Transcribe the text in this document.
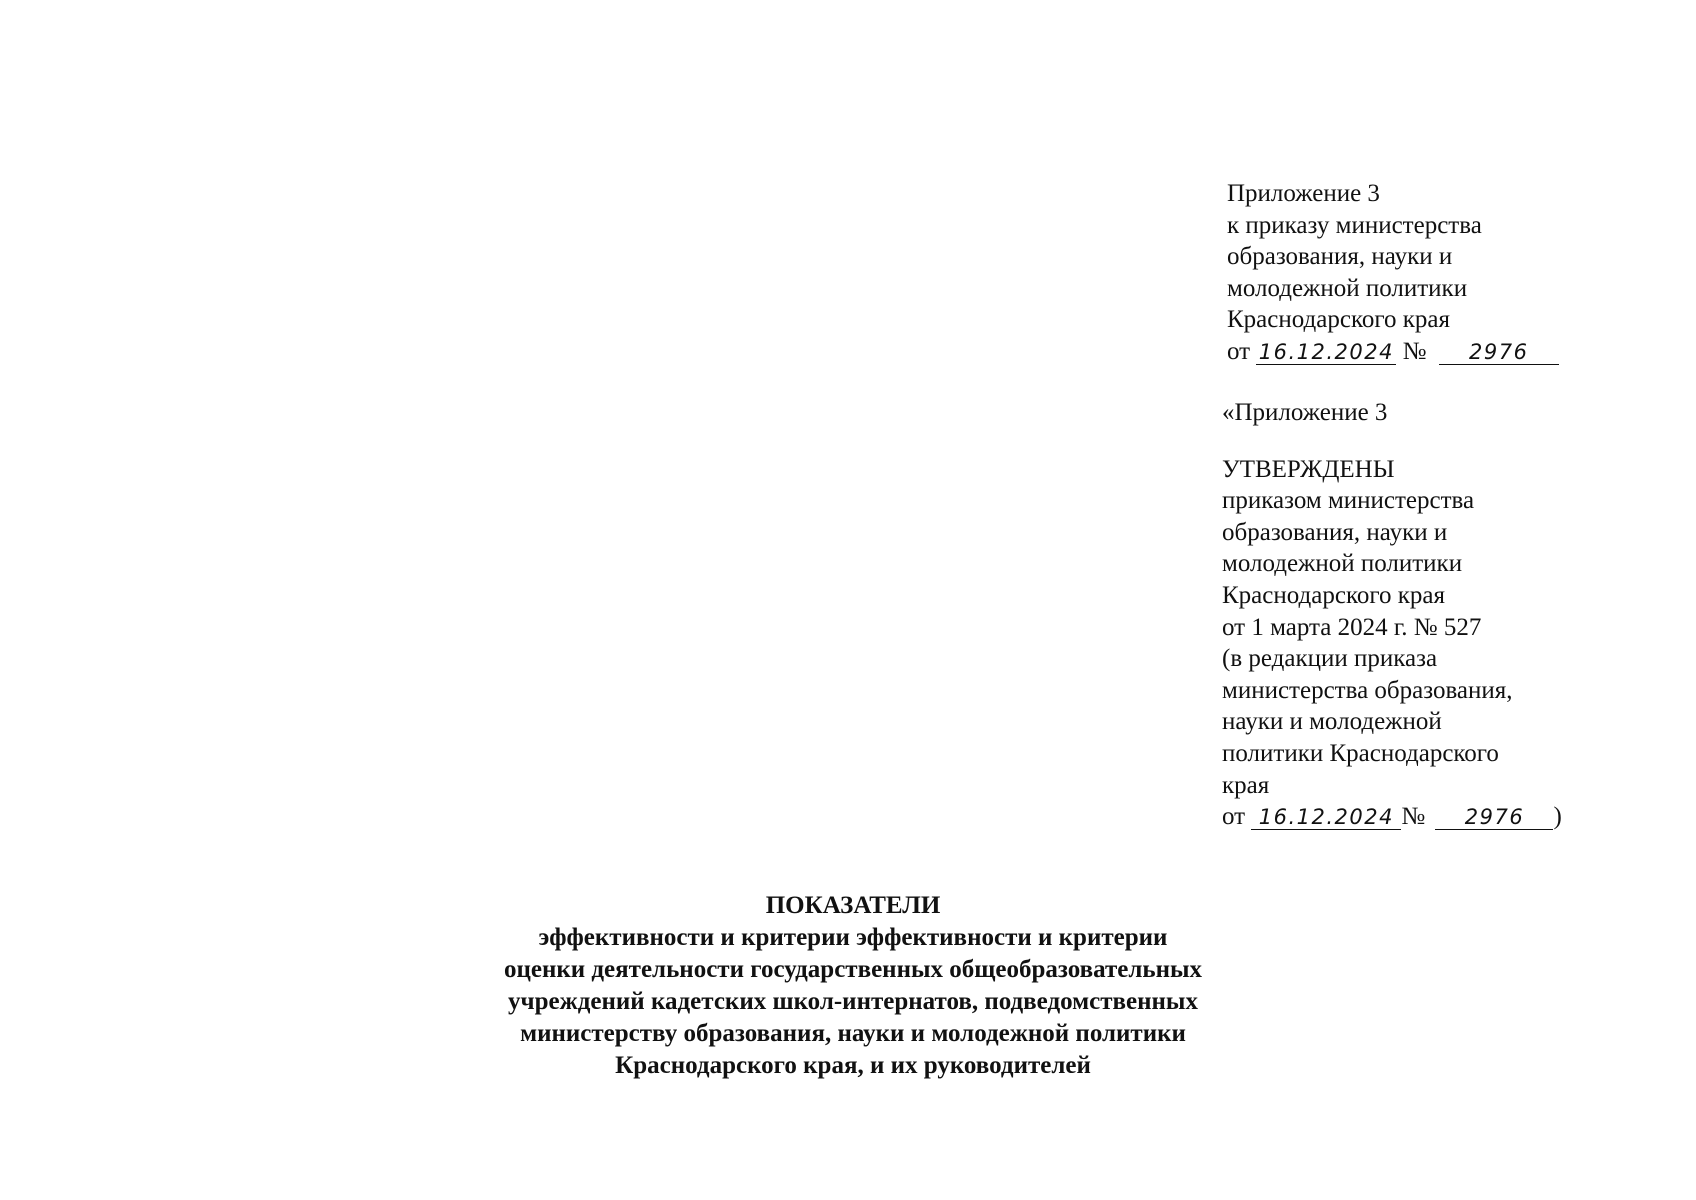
Приложение 3
к приказу министерства
образования, науки и
молодежной политики
Краснодарского края
от 16.12.2024 № 2976
«Приложение 3
УТВЕРЖДЕНЫ
приказом министерства
образования, науки и
молодежной политики
Краснодарского края
от 1 марта 2024 г. № 527
(в редакции приказа
министерства образования,
науки и молодежной
политики Краснодарского
края
от 16.12.2024 № 2976 )
ПОКАЗАТЕЛИ
эффективности и критерии эффективности и критерии
оценки деятельности государственных общеобразовательных
учреждений кадетских школ-интернатов, подведомственных
министерству образования, науки и молодежной политики
Краснодарского края, и их руководителей
